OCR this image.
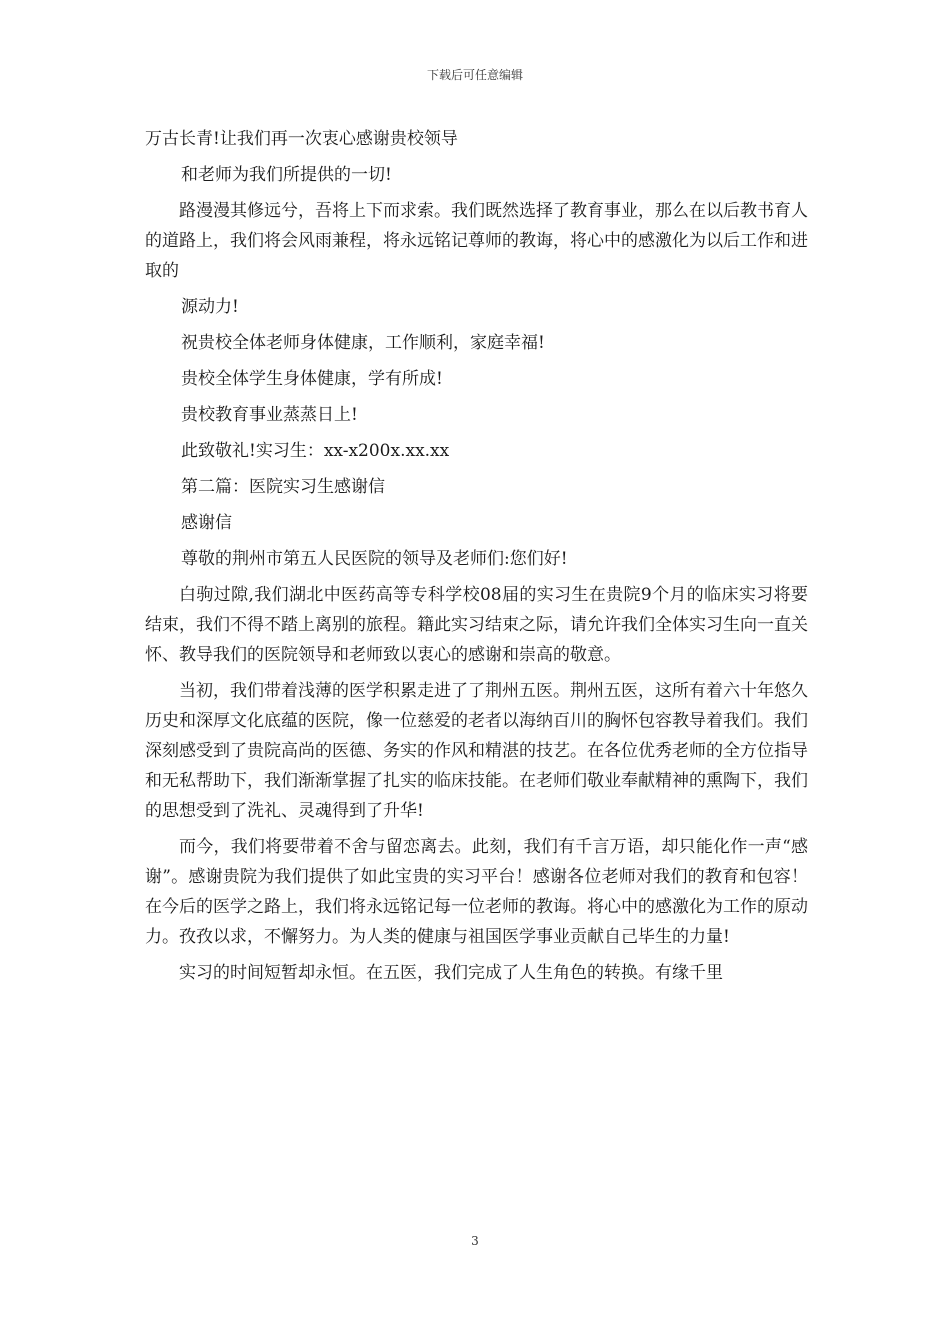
下载后可任意编辑

万古长青!让我们再一次衷心感谢贵校领导

和老师为我们所提供的一切!

路漫漫其修远兮，吾将上下而求索。我们既然选择了教育事业，那么在以后教书育人的道路上，我们将会风雨兼程，将永远铭记尊师的教诲，将心中的感激化为以后工作和进取的

源动力!

祝贵校全体老师身体健康，工作顺利，家庭幸福!

贵校全体学生身体健康，学有所成!

贵校教育事业蒸蒸日上!

此致敬礼!实习生：xx-x200x.xx.xx

第二篇：医院实习生感谢信

感谢信

尊敬的荆州市第五人民医院的领导及老师们:您们好!

白驹过隙,我们湖北中医药高等专科学校08届的实习生在贵院9个月的临床实习将要结束，我们不得不踏上离别的旅程。籍此实习结束之际，请允许我们全体实习生向一直关怀、教导我们的医院领导和老师致以衷心的感谢和崇高的敬意。

当初，我们带着浅薄的医学积累走进了了荆州五医。荆州五医，这所有着六十年悠久历史和深厚文化底蕴的医院，像一位慈爱的老者以海纳百川的胸怀包容教导着我们。我们深刻感受到了贵院高尚的医德、务实的作风和精湛的技艺。在各位优秀老师的全方位指导和无私帮助下，我们渐渐掌握了扎实的临床技能。在老师们敬业奉献精神的熏陶下，我们的思想受到了洗礼、灵魂得到了升华!

而今，我们将要带着不舍与留恋离去。此刻，我们有千言万语，却只能化作一声“感谢”。感谢贵院为我们提供了如此宝贵的实习平台！感谢各位老师对我们的教育和包容！在今后的医学之路上，我们将永远铭记每一位老师的教诲。将心中的感激化为工作的原动力。孜孜以求，不懈努力。为人类的健康与祖国医学事业贡献自己毕生的力量!

实习的时间短暂却永恒。在五医，我们完成了人生角色的转换。有缘千里

3
